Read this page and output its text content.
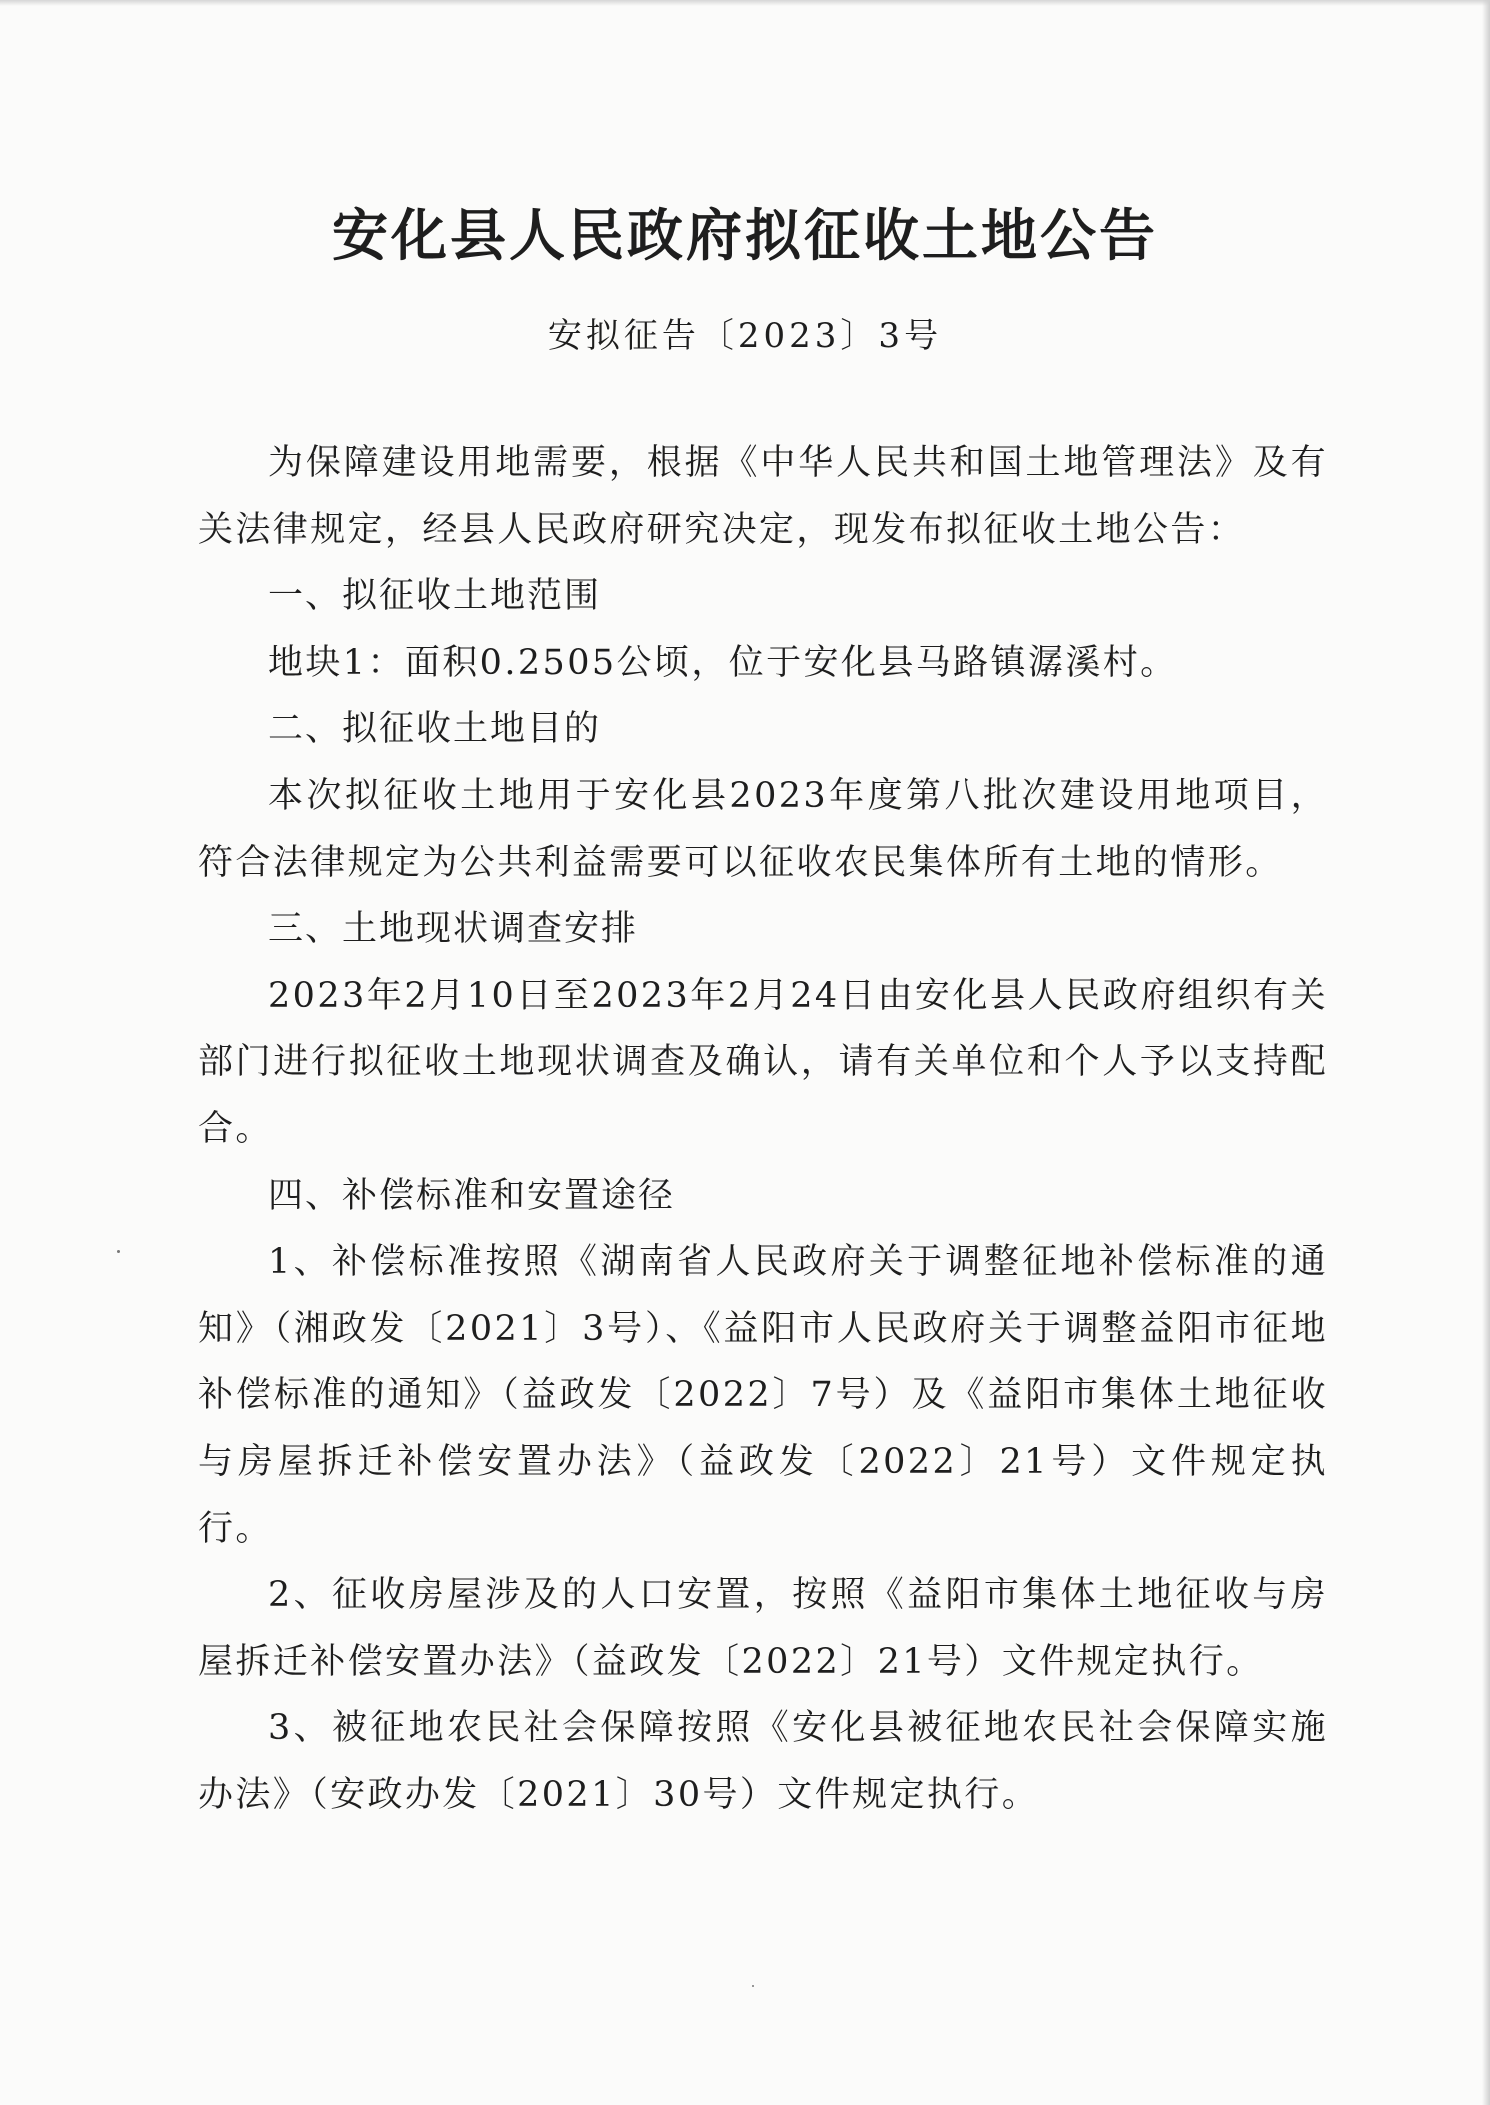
安化县人民政府拟征收土地公告
安拟征告〔2023〕3号

为保障建设用地需要，根据《中华人民共和国土地管理法》及有关法律规定，经县人民政府研究决定，现发布拟征收土地公告：

一、拟征收土地范围

地块1：面积0.2505公顷，位于安化县马路镇潺溪村。

二、拟征收土地目的

本次拟征收土地用于安化县2023年度第八批次建设用地项目，符合法律规定为公共利益需要可以征收农民集体所有土地的情形。

三、土地现状调查安排

2023年2月10日至2023年2月24日由安化县人民政府组织有关部门进行拟征收土地现状调查及确认，请有关单位和个人予以支持配合。

四、补偿标准和安置途径

1、补偿标准按照《湖南省人民政府关于调整征地补偿标准的通知》（湘政发〔2021〕3号）、《益阳市人民政府关于调整益阳市征地补偿标准的通知》（益政发〔2022〕7号）及《益阳市集体土地征收与房屋拆迁补偿安置办法》（益政发〔2022〕21号）文件规定执行。

2、征收房屋涉及的人口安置，按照《益阳市集体土地征收与房屋拆迁补偿安置办法》（益政发〔2022〕21号）文件规定执行。

3、被征地农民社会保障按照《安化县被征地农民社会保障实施办法》（安政办发〔2021〕30号）文件规定执行。
